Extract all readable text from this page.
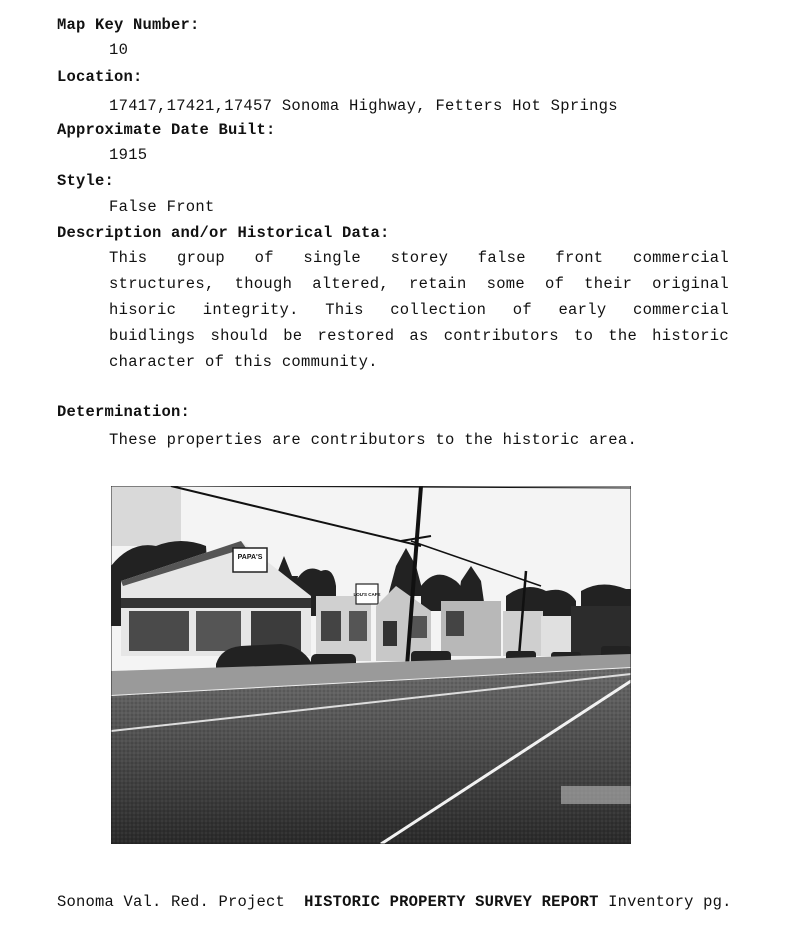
Map Key Number:
10
Location:
17417,17421,17457 Sonoma Highway, Fetters Hot Springs
Approximate Date Built:
1915
Style:
False Front
Description and/or Historical Data:
This group of single storey false front commercial
structures, though altered, retain some of their original
hisoric integrity. This collection of early commercial
buidlings should be restored as contributors to the historic
character of this community.
Determination:
These properties are contributors to the historic area.
PAPA'S
LOU'S CAFE
Sonoma Val. Red. Project HISTORIC PROPERTY SURVEY REPORT Inventory pg.
